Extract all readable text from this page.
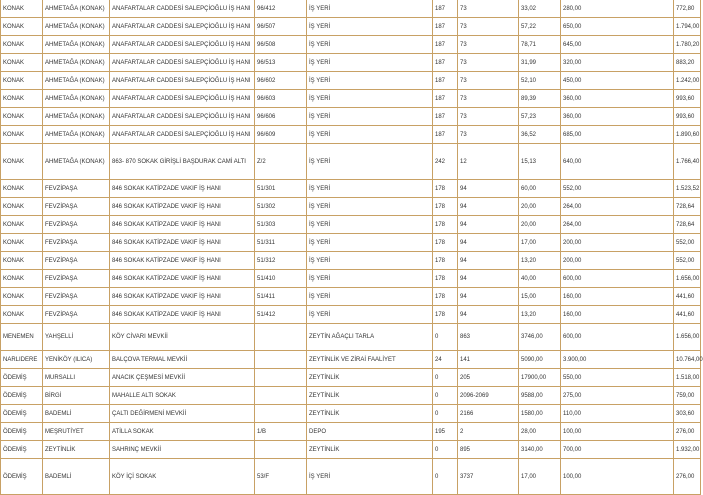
KONAK	AHMETAĞA (KONAK)	ANAFARTALAR CADDESİ SALEPÇİOĞLU İŞ HANI	96/412	İŞ YERİ	187	73	33,02	280,00	772,80
KONAK	AHMETAĞA (KONAK)	ANAFARTALAR CADDESİ SALEPÇİOĞLU İŞ HANI	96/507	İŞ YERİ	187	73	57,22	650,00	1.794,00
KONAK	AHMETAĞA (KONAK)	ANAFARTALAR CADDESİ SALEPÇİOĞLU İŞ HANI	96/508	İŞ YERİ	187	73	78,71	645,00	1.780,20
KONAK	AHMETAĞA (KONAK)	ANAFARTALAR CADDESİ SALEPÇİOĞLU İŞ HANI	96/513	İŞ YERİ	187	73	31,99	320,00	883,20
KONAK	AHMETAĞA (KONAK)	ANAFARTALAR CADDESİ SALEPÇİOĞLU İŞ HANI	96/602	İŞ YERİ	187	73	52,10	450,00	1.242,00
KONAK	AHMETAĞA (KONAK)	ANAFARTALAR CADDESİ SALEPÇİOĞLU İŞ HANI	96/603	İŞ YERİ	187	73	89,39	360,00	993,60
KONAK	AHMETAĞA (KONAK)	ANAFARTALAR CADDESİ SALEPÇİOĞLU İŞ HANI	96/606	İŞ YERİ	187	73	57,23	360,00	993,60
KONAK	AHMETAĞA (KONAK)	ANAFARTALAR CADDESİ SALEPÇİOĞLU İŞ HANI	96/609	İŞ YERİ	187	73	36,52	685,00	1.890,60
KONAK	AHMETAĞA (KONAK)	863- 870 SOKAK GİRİŞLİ BAŞDURAK CAMİ ALTI	Z/2	İŞ YERİ	242	12	15,13	640,00	1.766,40
KONAK	FEVZİPAŞA	846 SOKAK KATİPZADE VAKIF İŞ HANI	51/301	İŞ YERİ	178	94	60,00	552,00	1.523,52
KONAK	FEVZİPAŞA	846 SOKAK KATİPZADE VAKIF İŞ HANI	51/302	İŞ YERİ	178	94	20,00	264,00	728,64
KONAK	FEVZİPAŞA	846 SOKAK KATİPZADE VAKIF İŞ HANI	51/303	İŞ YERİ	178	94	20,00	264,00	728,64
KONAK	FEVZİPAŞA	846 SOKAK KATİPZADE VAKIF İŞ HANI	51/311	İŞ YERİ	178	94	17,00	200,00	552,00
KONAK	FEVZİPAŞA	846 SOKAK KATİPZADE VAKIF İŞ HANI	51/312	İŞ YERİ	178	94	13,20	200,00	552,00
KONAK	FEVZİPAŞA	846 SOKAK KATİPZADE VAKIF İŞ HANI	51/410	İŞ YERİ	178	94	40,00	600,00	1.656,00
KONAK	FEVZİPAŞA	846 SOKAK KATİPZADE VAKIF İŞ HANI	51/411	İŞ YERİ	178	94	15,00	160,00	441,60
KONAK	FEVZİPAŞA	846 SOKAK KATİPZADE VAKIF İŞ HANI	51/412	İŞ YERİ	178	94	13,20	160,00	441,60
MENEMEN	YAHŞELLİ	KÖY CİVARI MEVKİİ		ZEYTİN AĞAÇLI TARLA	0	863	3746,00	600,00	1.656,00
NARLIDERE	YENİKÖY (ILICA)	BALÇOVA TERMAL MEVKİİ		ZEYTİNLİK VE ZİRAİ FAALİYET	24	141	5090,00	3.900,00	10.764,00
ÖDEMİŞ	MURSALLI	ANACIK ÇEŞMESİ MEVKİİ		ZEYTİNLİK	0	205	17900,00	550,00	1.518,00
ÖDEMİŞ	BİRGİ	MAHALLE ALTI SOKAK		ZEYTİNLİK	0	2096-2069	9588,00	275,00	759,00
ÖDEMİŞ	BADEMLİ	ÇALTI DEĞİRMENİ MEVKİİ		ZEYTİNLİK	0	2166	1580,00	110,00	303,60
ÖDEMİŞ	MEŞRUTİYET	ATİLLA SOKAK	1/B	DEPO	195	2	28,00	100,00	276,00
ÖDEMİŞ	ZEYTİNLİK	SAHRINÇ MEVKİİ		ZEYTİNLİK	0	895	3140,00	700,00	1.932,00
ÖDEMİŞ	BADEMLİ	KÖY İÇİ SOKAK	53/F	İŞ YERİ	0	3737	17,00	100,00	276,00
